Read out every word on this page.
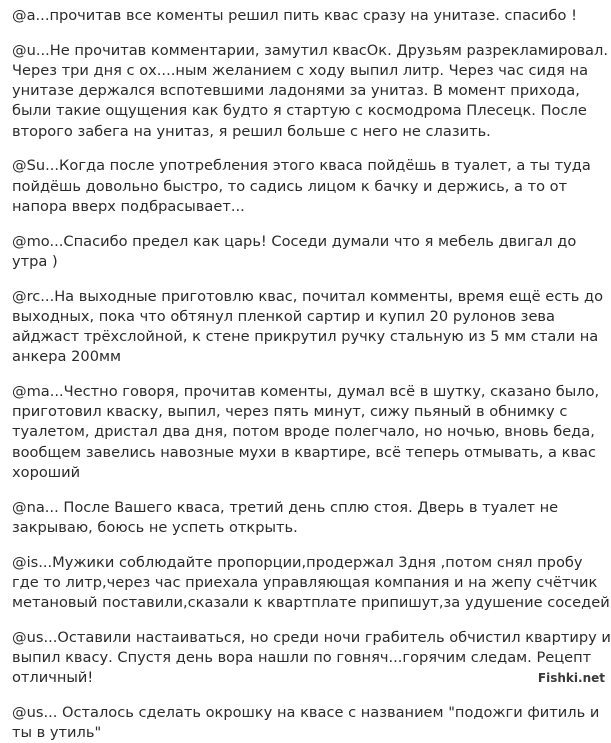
@a...прочитав все коменты решил пить квас сразу на унитазе. спасибо !

@u...Не прочитав комментарии, замутил квасОк. Друзьям разрекламировал. Через три дня с ох....ным желанием с ходу выпил литр. Через час сидя на унитазе держался вспотевшими ладонями за унитаз. В момент прихода, были такие ощущения как будто я стартую с космодрома Плесецк. После второго забега на унитаз, я решил больше с него не слазить.

@Su...Когда после употребления этого кваса пойдёшь в туалет, а ты туда пойдёшь довольно быстро, то садись лицом к бачку и держись, а то от напора вверх подбрасывает...

@mo...Спасибо предел как царь! Соседи думали что я мебель двигал до утра )

@rc...На выходные приготовлю квас, почитал комменты, время ещё есть до выходных, пока что обтянул пленкой сартир и купил 20 рулонов зева айджаст трёхслойной, к стене прикрутил ручку стальную из 5 мм стали на анкера 200мм

@ma...Честно говоря, прочитав коменты, думал всё в шутку, сказано было, приготовил кваску, выпил, через пять минут, сижу пьяный в обнимку с туалетом, дристал два дня, потом вроде полегчало, но ночью, вновь беда, вообщем завелись навозные мухи в квартире, всё теперь отмывать, а квас хороший

@na... После Вашего кваса, третий день сплю стоя. Дверь в туалет не закрываю, боюсь не успеть открыть.

@is...Мужики соблюдайте пропорции,продержал 3дня ,потом снял пробу где то литр,через час приехала управляющая компания и на жепу счётчик метановый поставили,сказали к квартплате припишут,за удушение соседей

@us...Оставили настаиваться, но среди ночи грабитель обчистил квартиру и выпил квасу. Спустя день вора нашли по говняч...горячим следам. Рецепт отличный!

@us... Осталось сделать окрошку на квасе с названием "подожги фитиль и ты в утиль"

Fishki.net
